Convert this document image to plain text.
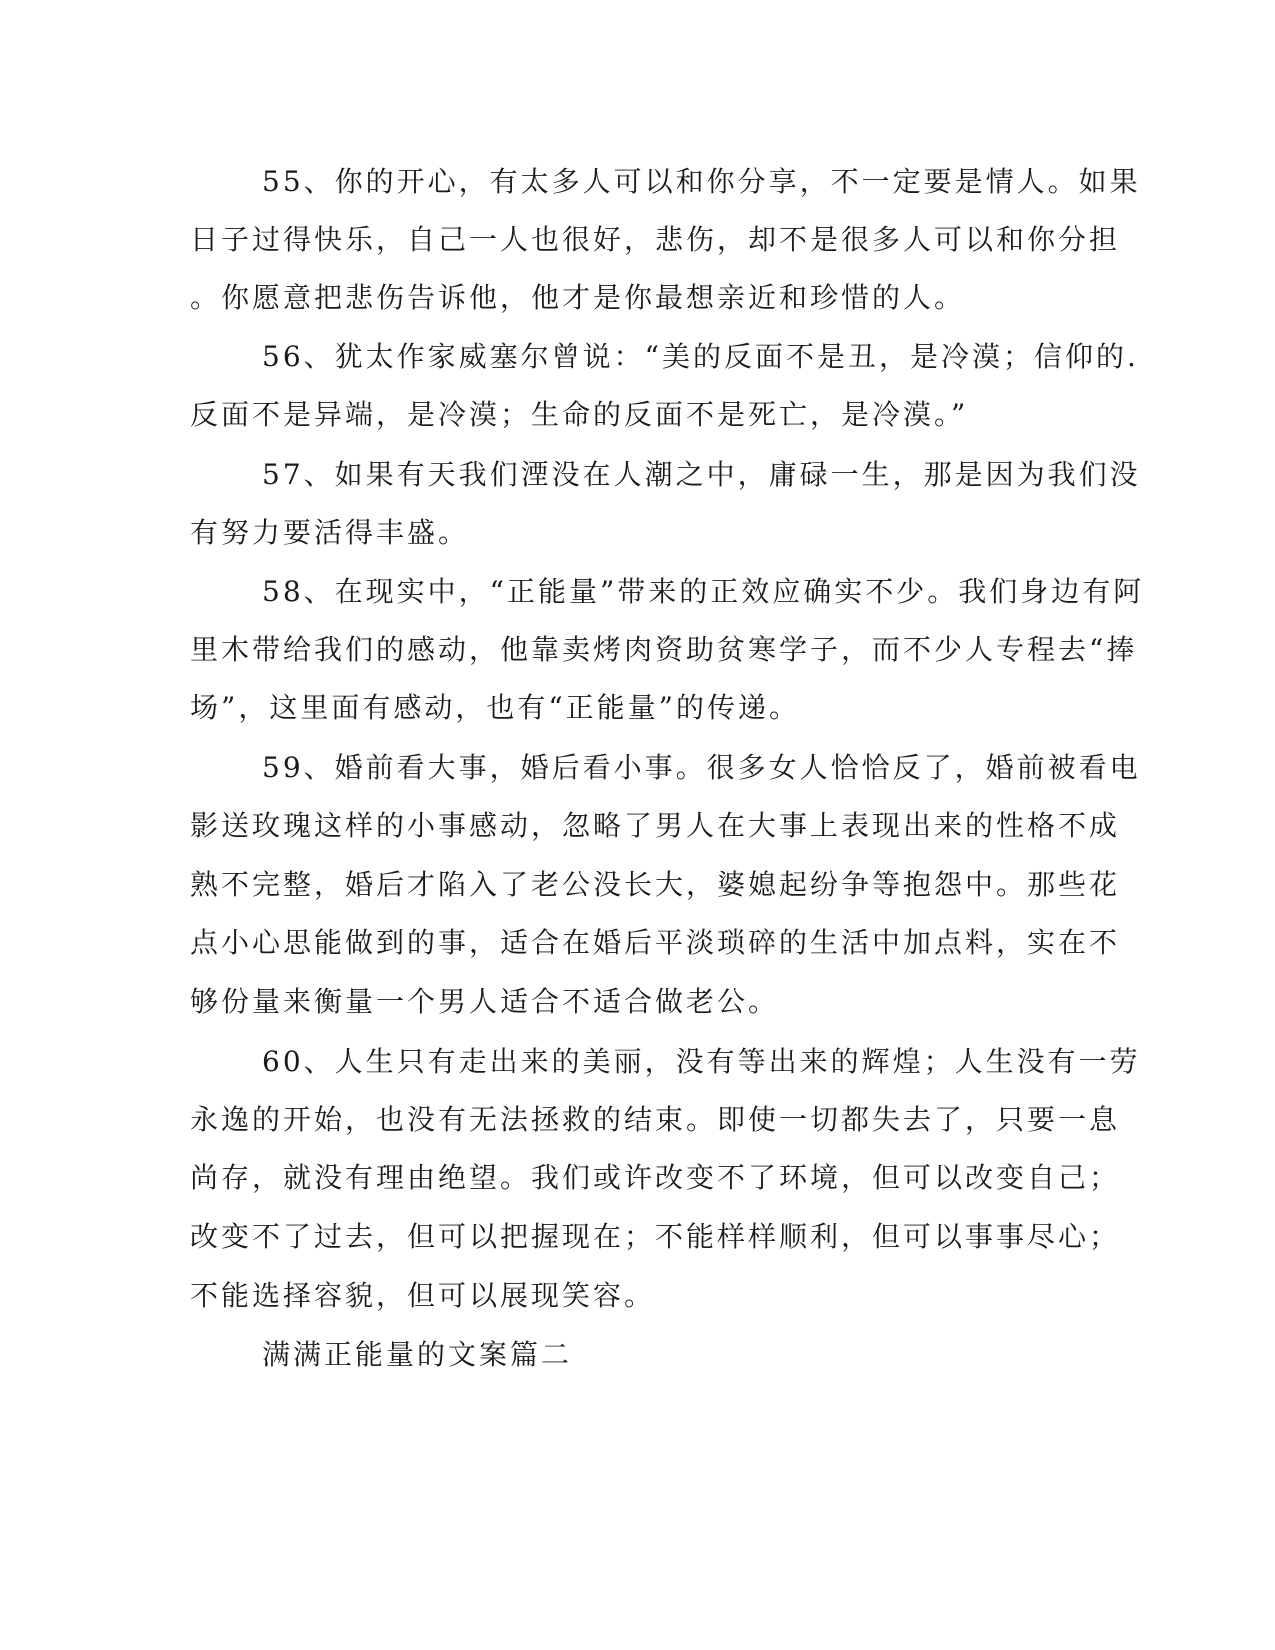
55、你的开心，有太多人可以和你分享，不一定要是情人。如果
日子过得快乐，自己一人也很好，悲伤，却不是很多人可以和你分担
。你愿意把悲伤告诉他，他才是你最想亲近和珍惜的人。
56、犹太作家威塞尔曾说：“美的反面不是丑，是冷漠；信仰的.
反面不是异端，是冷漠；生命的反面不是死亡，是冷漠。”
57、如果有天我们湮没在人潮之中，庸碌一生，那是因为我们没
有努力要活得丰盛。
58、在现实中，“正能量”带来的正效应确实不少。我们身边有阿
里木带给我们的感动，他靠卖烤肉资助贫寒学子，而不少人专程去“捧
场”，这里面有感动，也有“正能量”的传递。
59、婚前看大事，婚后看小事。很多女人恰恰反了，婚前被看电
影送玫瑰这样的小事感动，忽略了男人在大事上表现出来的性格不成
熟不完整，婚后才陷入了老公没长大，婆媳起纷争等抱怨中。那些花
点小心思能做到的事，适合在婚后平淡琐碎的生活中加点料，实在不
够份量来衡量一个男人适合不适合做老公。
60、人生只有走出来的美丽，没有等出来的辉煌；人生没有一劳
永逸的开始，也没有无法拯救的结束。即使一切都失去了，只要一息
尚存，就没有理由绝望。我们或许改变不了环境，但可以改变自己；
改变不了过去，但可以把握现在；不能样样顺利，但可以事事尽心；
不能选择容貌，但可以展现笑容。
满满正能量的文案篇二
